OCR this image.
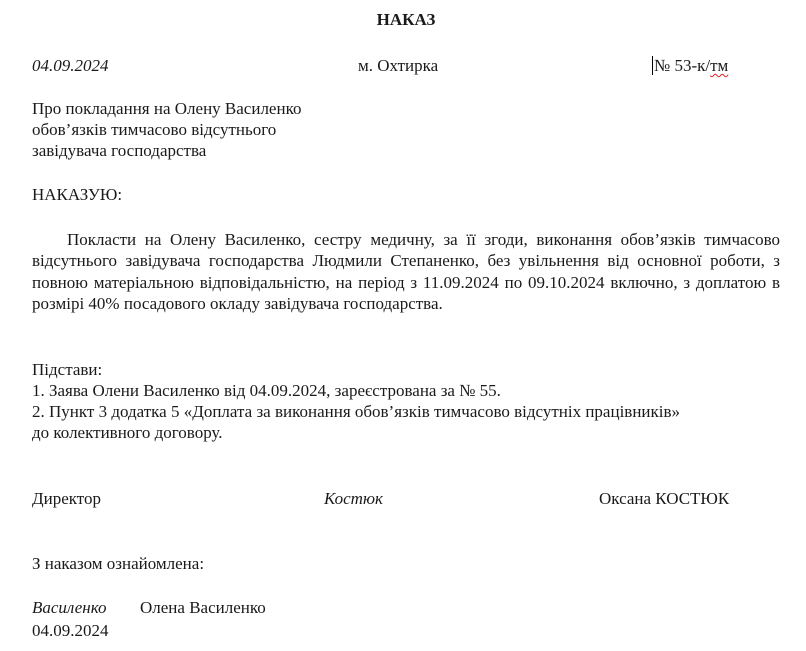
НАКАЗ
04.09.2024	м. Охтирка	№ 53-к/тм
Про покладання на Олену Василенко
обов’язків тимчасово відсутнього
завідувача господарства
НАКАЗУЮ:
Покласти на Олену Василенко, сестру медичну, за її згоди, виконання обов’язків тимчасово відсутнього завідувача господарства Людмили Степаненко, без увільнення від основної роботи, з повною матеріальною відповідальністю, на період з 11.09.2024 по 09.10.2024 включно, з доплатою в розмірі 40% посадового окладу завідувача господарства.
Підстави:
1. Заява Олени Василенко від 04.09.2024, зареєстрована за № 55.
2. Пункт 3 додатка 5 «Доплата за виконання обов’язків тимчасово відсутніх працівників»
до колективного договору.
Директор	Костюк	Оксана КОСТЮК
З наказом ознайомлена:
Василенко Олена Василенко
04.09.2024
